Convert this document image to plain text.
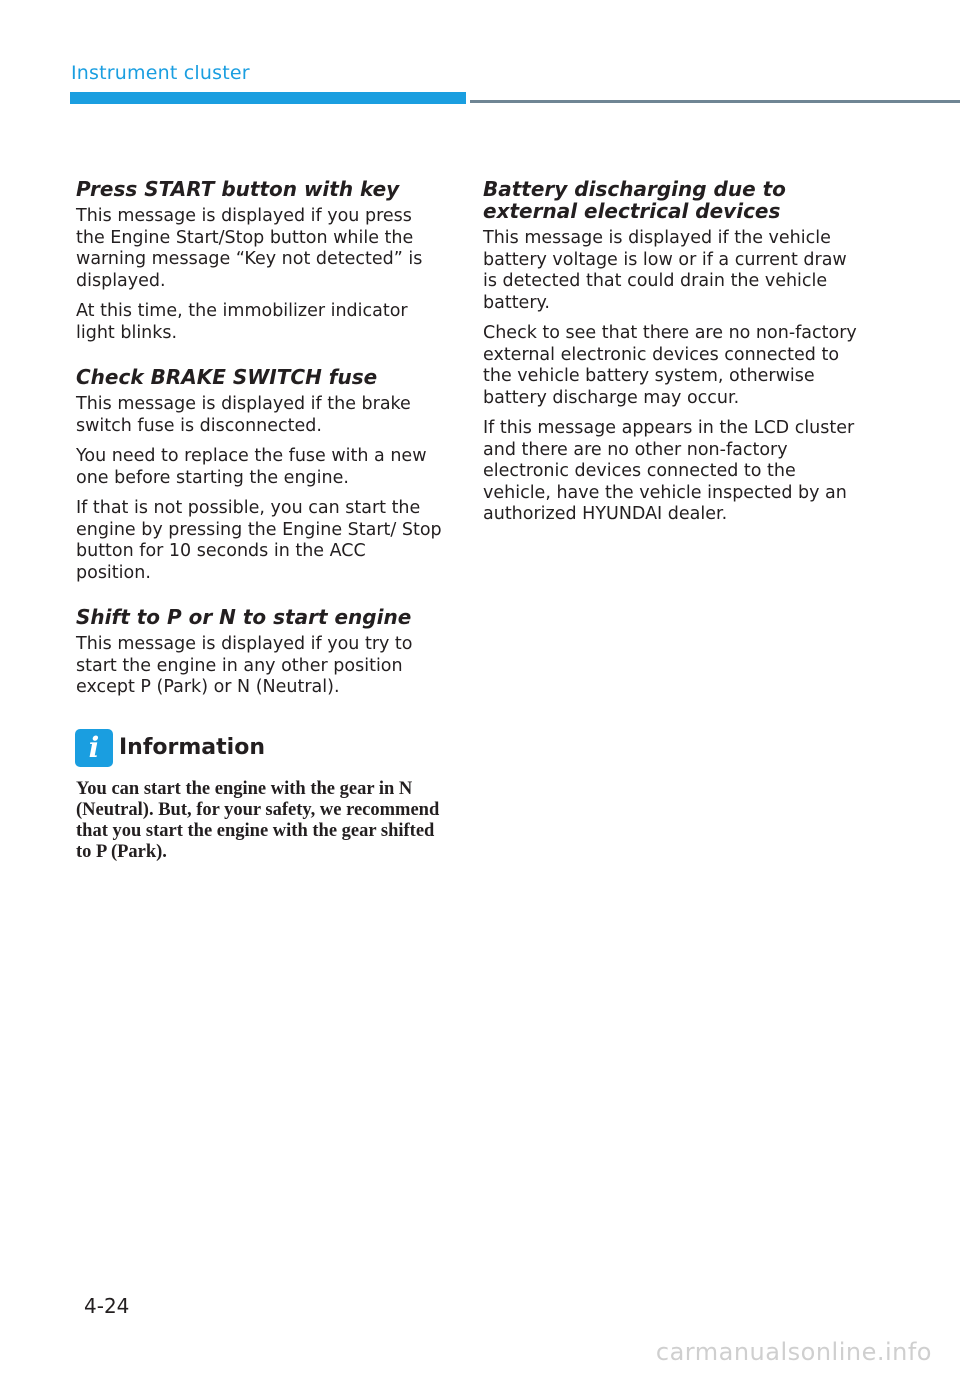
Instrument cluster
Press START button with key

This message is displayed if you press the Engine Start/Stop button while the warning message “Key not detected” is displayed.

At this time, the immobilizer indicator light blinks.

Check BRAKE SWITCH fuse

This message is displayed if the brake switch fuse is disconnected.

You need to replace the fuse with a new one before starting the engine.

If that is not possible, you can start the engine by pressing the Engine Start/ Stop button for 10 seconds in the ACC position.

Shift to P or N to start engine

This message is displayed if you try to start the engine in any other position except P (Park) or N (Neutral).

i Information

You can start the engine with the gear in N (Neutral). But, for your safety, we recommend that you start the engine with the gear shifted to P (Park).

Battery discharging due to external electrical devices

This message is displayed if the vehicle battery voltage is low or if a current draw is detected that could drain the vehicle battery.

Check to see that there are no non-factory external electronic devices connected to the vehicle battery system, otherwise battery discharge may occur.

If this message appears in the LCD cluster and there are no other non-factory electronic devices connected to the vehicle, have the vehicle inspected by an authorized HYUNDAI dealer.

4-24
carmanualsonline.info
